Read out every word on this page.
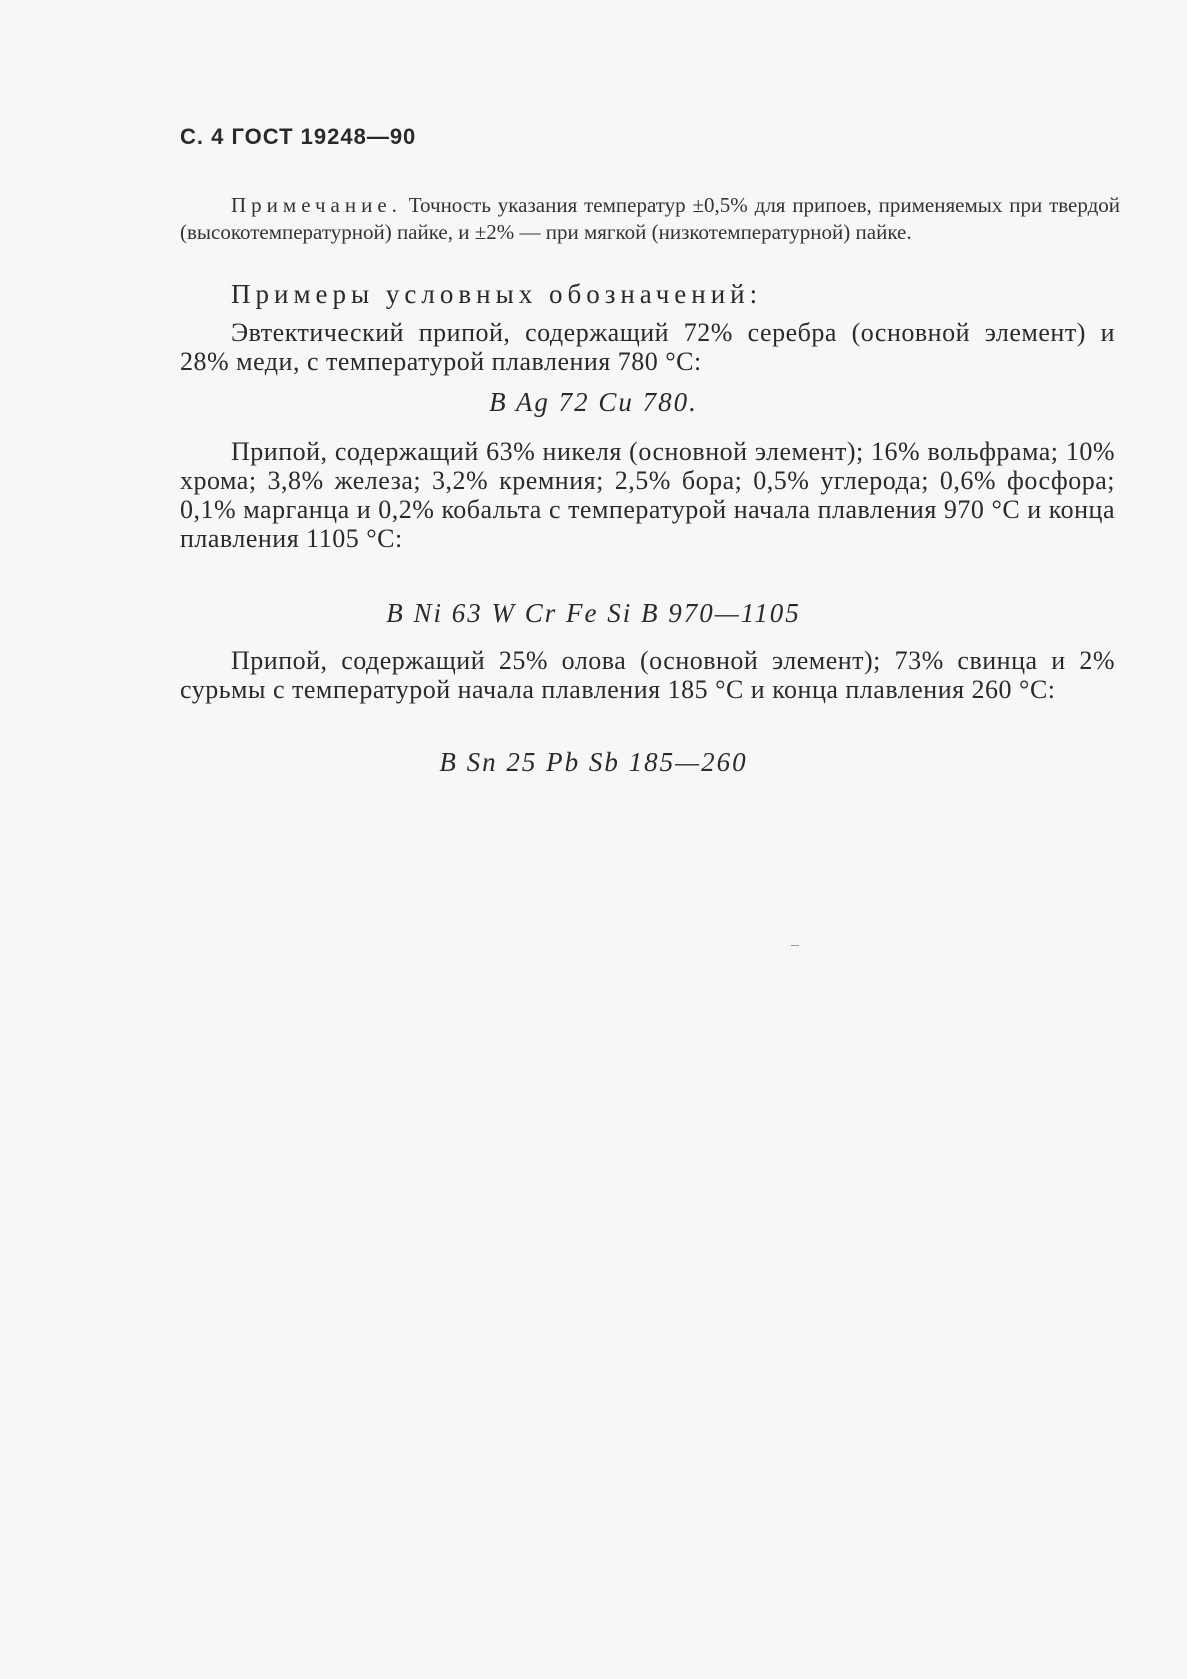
С. 4 ГОСТ 19248—90
Примечание. Точность указания температур ±0,5% для припоев, применяемых при твердой (высокотемпературной) пайке, и ±2% — при мягкой (низкотемпературной) пайке.
Примеры условных обозначений:
Эвтектический припой, содержащий 72% серебра (основной элемент) и 28% меди, с температурой плавления 780 °С:
B Ag 72 Cu 780.
Припой, содержащий 63% никеля (основной элемент); 16% вольфрама; 10% хрома; 3,8% железа; 3,2% кремния; 2,5% бора; 0,5% углерода; 0,6% фосфора; 0,1% марганца и 0,2% кобальта с температурой начала плавления 970 °С и конца плавления 1105 °С:
B Ni 63 W Cr Fe Si B 970—1105
Припой, содержащий 25% олова (основной элемент); 73% свинца и 2% сурьмы с температурой начала плавления 185 °С и конца плавления 260 °С:
B Sn 25 Pb Sb 185—260
